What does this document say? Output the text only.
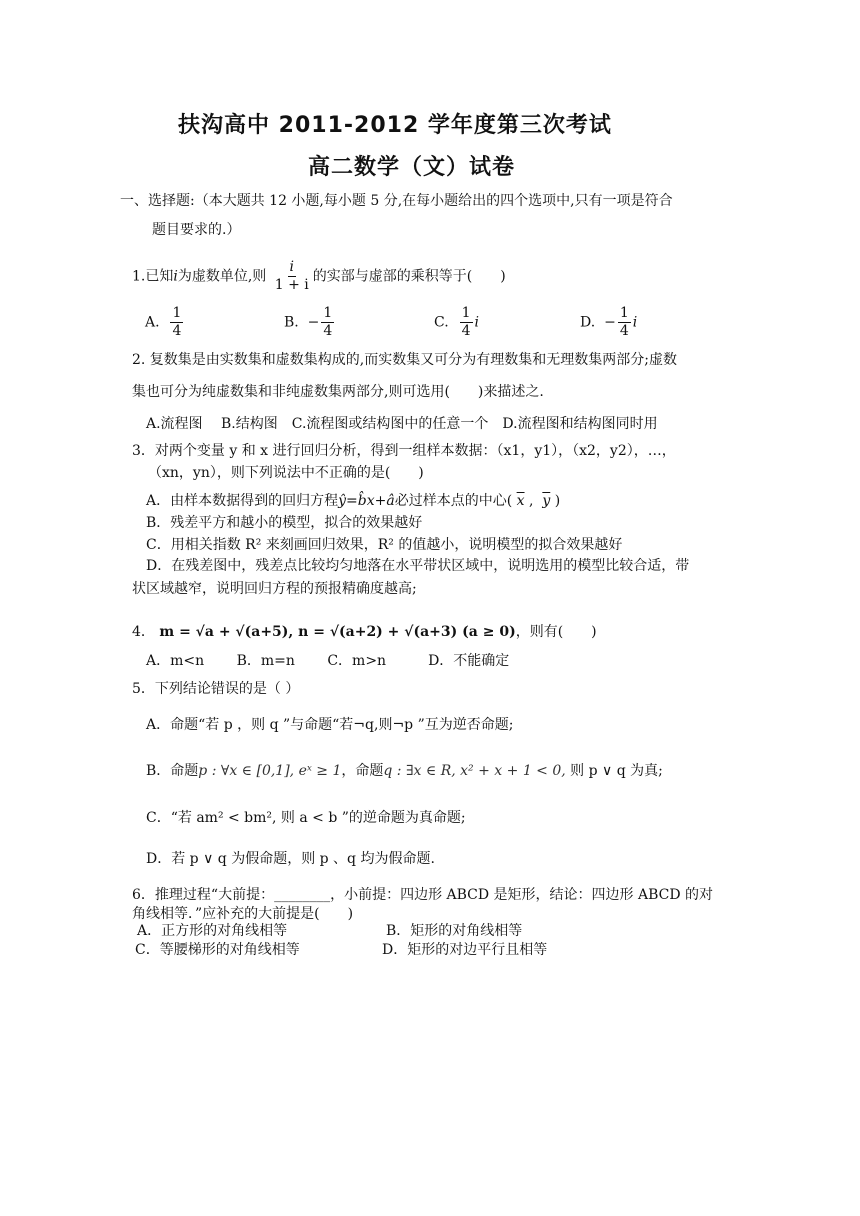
扶沟高中 2011-2012 学年度第三次考试
高二数学（文）试卷
一、选择题:（本大题共 12 小题,每小题 5 分,在每小题给出的四个选项中,只有一项是符合
题目要求的.）
1.已知i为虚数单位,则 $\frac{i}{1 + i}$ 的实部与虚部的乘积等于(　　)
A. $\frac{1}{4}$	B. − $\frac{1}{4}$	C. $\frac{1}{4}$ i	D. − $\frac{1}{4}$ i
2. 复数集是由实数集和虚数集构成的,而实数集又可分为有理数集和无理数集两部分;虚数
集也可分为纯虚数集和非纯虚数集两部分,则可选用(　　)来描述之.
A.流程图　 B.结构图　C.流程图或结构图中的任意一个　D.流程图和结构图同时用
3．对两个变量 y 和 x 进行回归分析，得到一组样本数据：（x1，y1），（x2，y2），…，
（xn，yn），则下列说法中不正确的是(　　)
A．由样本数据得到的回归方程ŷ=b̂x+â必过样本点的中心( $\overline{x}$ ,  $\overline{y}$ )
B．残差平方和越小的模型，拟合的效果越好
C．用相关指数 R² 来刻画回归效果，R² 的值越小，说明模型的拟合效果越好
D．在残差图中，残差点比较均匀地落在水平带状区域中，说明选用的模型比较合适，带
状区域越窄，说明回归方程的预报精确度越高;
4． m = √a + √(a+5), n = √(a+2) + √(a+3) (a ≥ 0)，则有(　　)
A．m<n　　 B．m=n　　 C．m>n　　　D．不能确定
5．下列结论错误的是（ ）
A．命题“若 p ，则 q ”与命题“若¬q,则¬p ”互为逆否命题;
B．命题p : ∀x ∈ [0,1], eˣ ≥ 1，命题q : ∃x ∈ R, x² + x + 1 < 0, 则 p ∨ q 为真;
C．“若 am² < bm², 则 a < b ”的逆命题为真命题;
D．若 p ∨ q 为假命题，则 p 、q 均为假命题.
6．推理过程“大前提：________，小前提：四边形 ABCD 是矩形，结论：四边形 ABCD 的对
角线相等．”应补充的大前提是(　　)
A．正方形的对角线相等	B．矩形的对角线相等
C．等腰梯形的对角线相等	D．矩形的对边平行且相等
